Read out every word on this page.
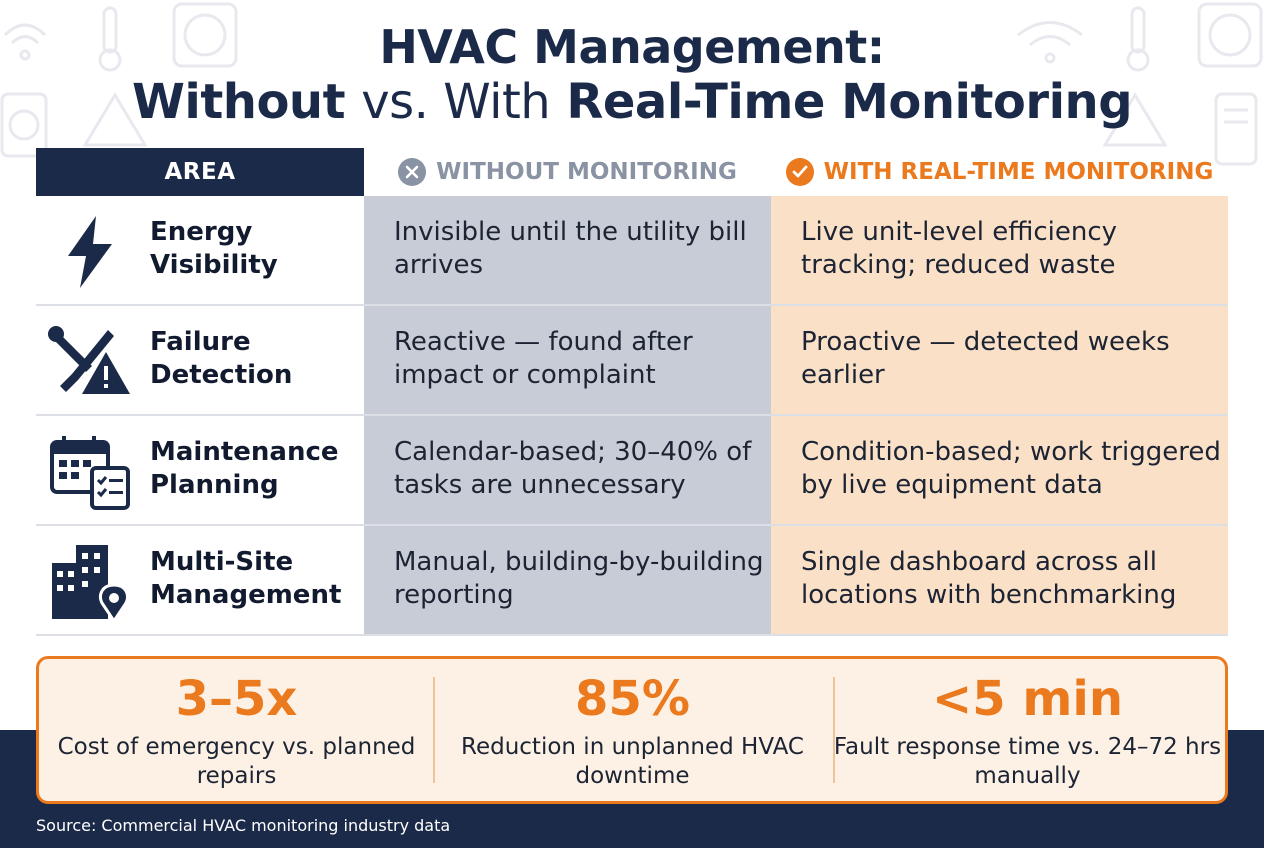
HVAC Management:
Without vs. With Real-Time Monitoring
AREA	WITHOUT MONITORING	WITH REAL-TIME MONITORING
Energy Visibility
Invisible until the utility bill arrives
Live unit-level efficiency tracking; reduced waste
Failure Detection
Reactive — found after impact or complaint
Proactive — detected weeks earlier
Maintenance Planning
Calendar-based; 30–40% of tasks are unnecessary
Condition-based; work triggered by live equipment data
Multi-Site Management
Manual, building-by-building reporting
Single dashboard across all locations with benchmarking
3–5x
Cost of emergency vs. planned repairs
85%
Reduction in unplanned HVAC downtime
<5 min
Fault response time vs. 24–72 hrs manually
Source: Commercial HVAC monitoring industry data
